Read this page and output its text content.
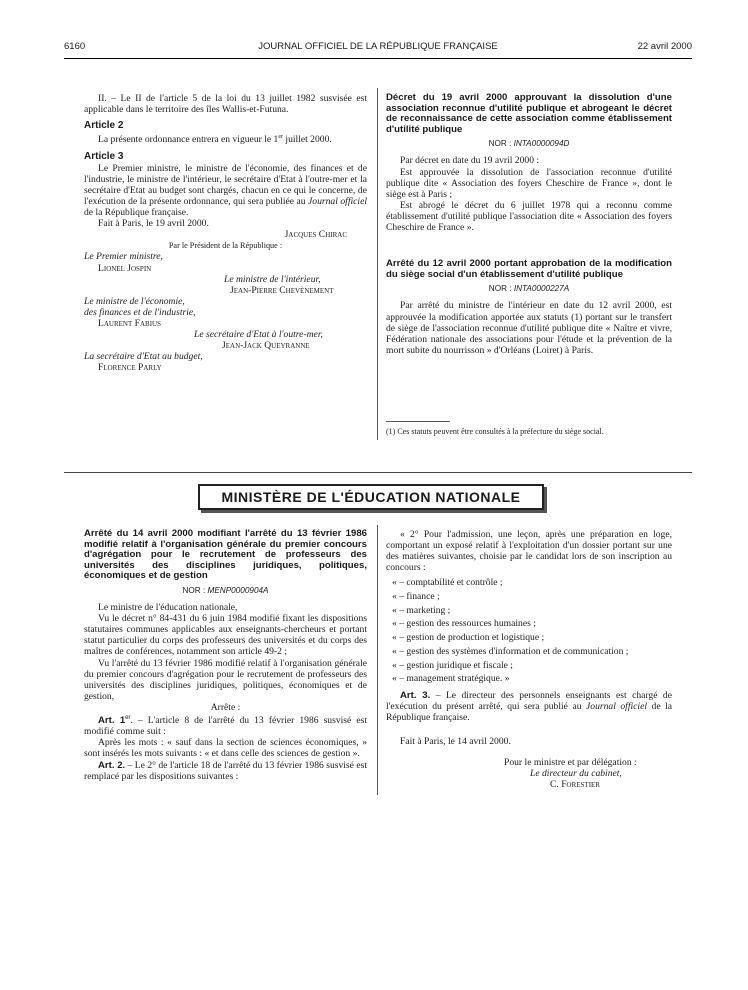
6160	JOURNAL OFFICIEL DE LA RÉPUBLIQUE FRANÇAISE	22 avril 2000

II. – Le II de l'article 5 de la loi du 13 juillet 1982 susvisée est applicable dans le territoire des îles Wallis-et-Futuna.

Article 2

La présente ordonnance entrera en vigueur le 1er juillet 2000.

Article 3

Le Premier ministre, le ministre de l'économie, des finances et de l'industrie, le ministre de l'intérieur, le secrétaire d'Etat à l'outre-mer et la secrétaire d'Etat au budget sont chargés, chacun en ce qui le concerne, de l'exécution de la présente ordonnance, qui sera publiée au Journal officiel de la République française.

Fait à Paris, le 19 avril 2000.

Jacques Chirac

Par le Président de la République :

Le Premier ministre,

Lionel Jospin

Le ministre de l'intérieur,

Jean-Pierre Chevènement

Le ministre de l'économie,

des finances et de l'industrie,

Laurent Fabius

Le secrétaire d'Etat à l'outre-mer,

Jean-Jack Queyranne

La secrétaire d'Etat au budget,

Florence Parly

Décret du 19 avril 2000 approuvant la dissolution d'une association reconnue d'utilité publique et abrogeant le décret de reconnaissance de cette association comme établissement d'utilité publique

NOR : INTA0000094D

Par décret en date du 19 avril 2000 :

Est approuvée la dissolution de l'association reconnue d'utilité publique dite « Association des foyers Cheschire de France », dont le siège est à Paris ;

Est abrogé le décret du 6 juillet 1978 qui a reconnu comme établissement d'utilité publique l'association dite « Association des foyers Cheschire de France ».

Arrêté du 12 avril 2000 portant approbation de la modification du siège social d'un établissement d'utilité publique

NOR : INTA0000227A

Par arrêté du ministre de l'intérieur en date du 12 avril 2000, est approuvée la modification apportée aux statuts (1) portant sur le transfert de siège de l'association reconnue d'utilité publique dite « Naître et vivre, Fédération nationale des associations pour l'étude et la prévention de la mort subite du nourrisson » d'Orléans (Loiret) à Paris.

(1) Ces statuts peuvent être consultés à la préfecture du siège social.
MINISTÈRE DE L'ÉDUCATION NATIONALE

Arrêté du 14 avril 2000 modifiant l'arrêté du 13 février 1986 modifié relatif à l'organisation générale du premier concours d'agrégation pour le recrutement de professeurs des universités des disciplines juridiques, politiques, économiques et de gestion

NOR : MENP0000904A

Le ministre de l'éducation nationale,

Vu le décret n° 84-431 du 6 juin 1984 modifié fixant les dispositions statutaires communes applicables aux enseignants-chercheurs et portant statut particulier du corps des professeurs des universités et du corps des maîtres de conférences, notamment son article 49-2 ;

Vu l'arrêté du 13 février 1986 modifié relatif à l'organisation générale du premier concours d'agrégation pour le recrutement de professeurs des universités des disciplines juridiques, politiques, économiques et de gestion,

Arrête :

Art. 1er. – L'article 8 de l'arrêté du 13 février 1986 susvisé est modifié comme suit :

Après les mots : « sauf dans la section de sciences économiques, » sont insérés les mots suivants : « et dans celle des sciences de gestion ».

Art. 2. – Le 2° de l'article 18 de l'arrêté du 13 février 1986 susvisé est remplacé par les dispositions suivantes :

« 2° Pour l'admission, une leçon, après une préparation en loge, comportant un exposé relatif à l'exploitation d'un dossier portant sur une des matières suivantes, choisie par le candidat lors de son inscription au concours :

« – comptabilité et contrôle ;
« – finance ;
« – marketing ;
« – gestion des ressources humaines ;
« – gestion de production et logistique ;
« – gestion des systèmes d'information et de communication ;
« – gestion juridique et fiscale ;
« – management stratégique. »

Art. 3. – Le directeur des personnels enseignants est chargé de l'exécution du présent arrêté, qui sera publié au Journal officiel de la République française.

Fait à Paris, le 14 avril 2000.

Pour le ministre et par délégation :

Le directeur du cabinet,

C. Forestier
